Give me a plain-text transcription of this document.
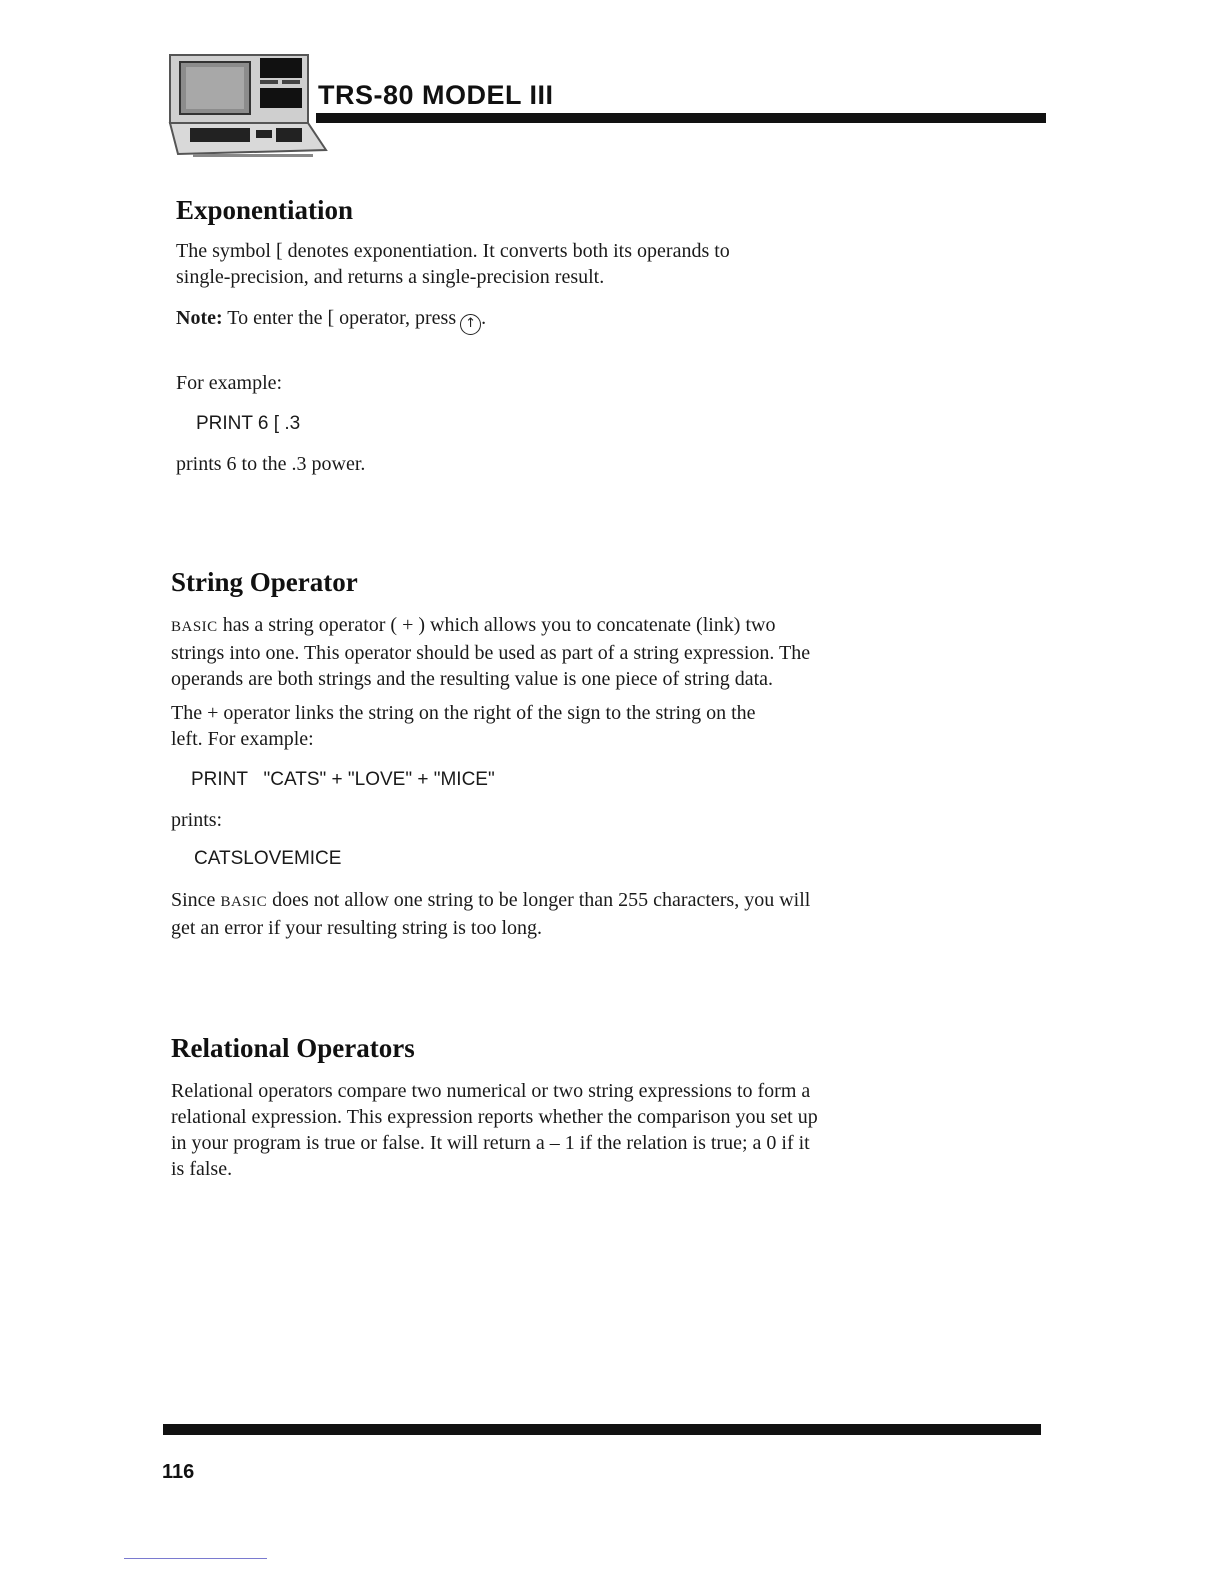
TRS-80 MODEL III
Exponentiation

The symbol [ denotes exponentiation. It converts both its operands to
single-precision, and returns a single-precision result.

Note: To enter the [ operator, press ↑ .

For example:

PRINT 6 [ .3

prints 6 to the .3 power.

String Operator

BASIC has a string operator ( + ) which allows you to concatenate (link) two
strings into one. This operator should be used as part of a string expression. The
operands are both strings and the resulting value is one piece of string data.

The + operator links the string on the right of the sign to the string on the
left. For example:

PRINT   "CATS" + "LOVE" + "MICE"

prints:

CATSLOVEMICE

Since BASIC does not allow one string to be longer than 255 characters, you will
get an error if your resulting string is too long.

Relational Operators

Relational operators compare two numerical or two string expressions to form a
relational expression. This expression reports whether the comparison you set up
in your program is true or false. It will return a – 1 if the relation is true; a 0 if it
is false.

116
